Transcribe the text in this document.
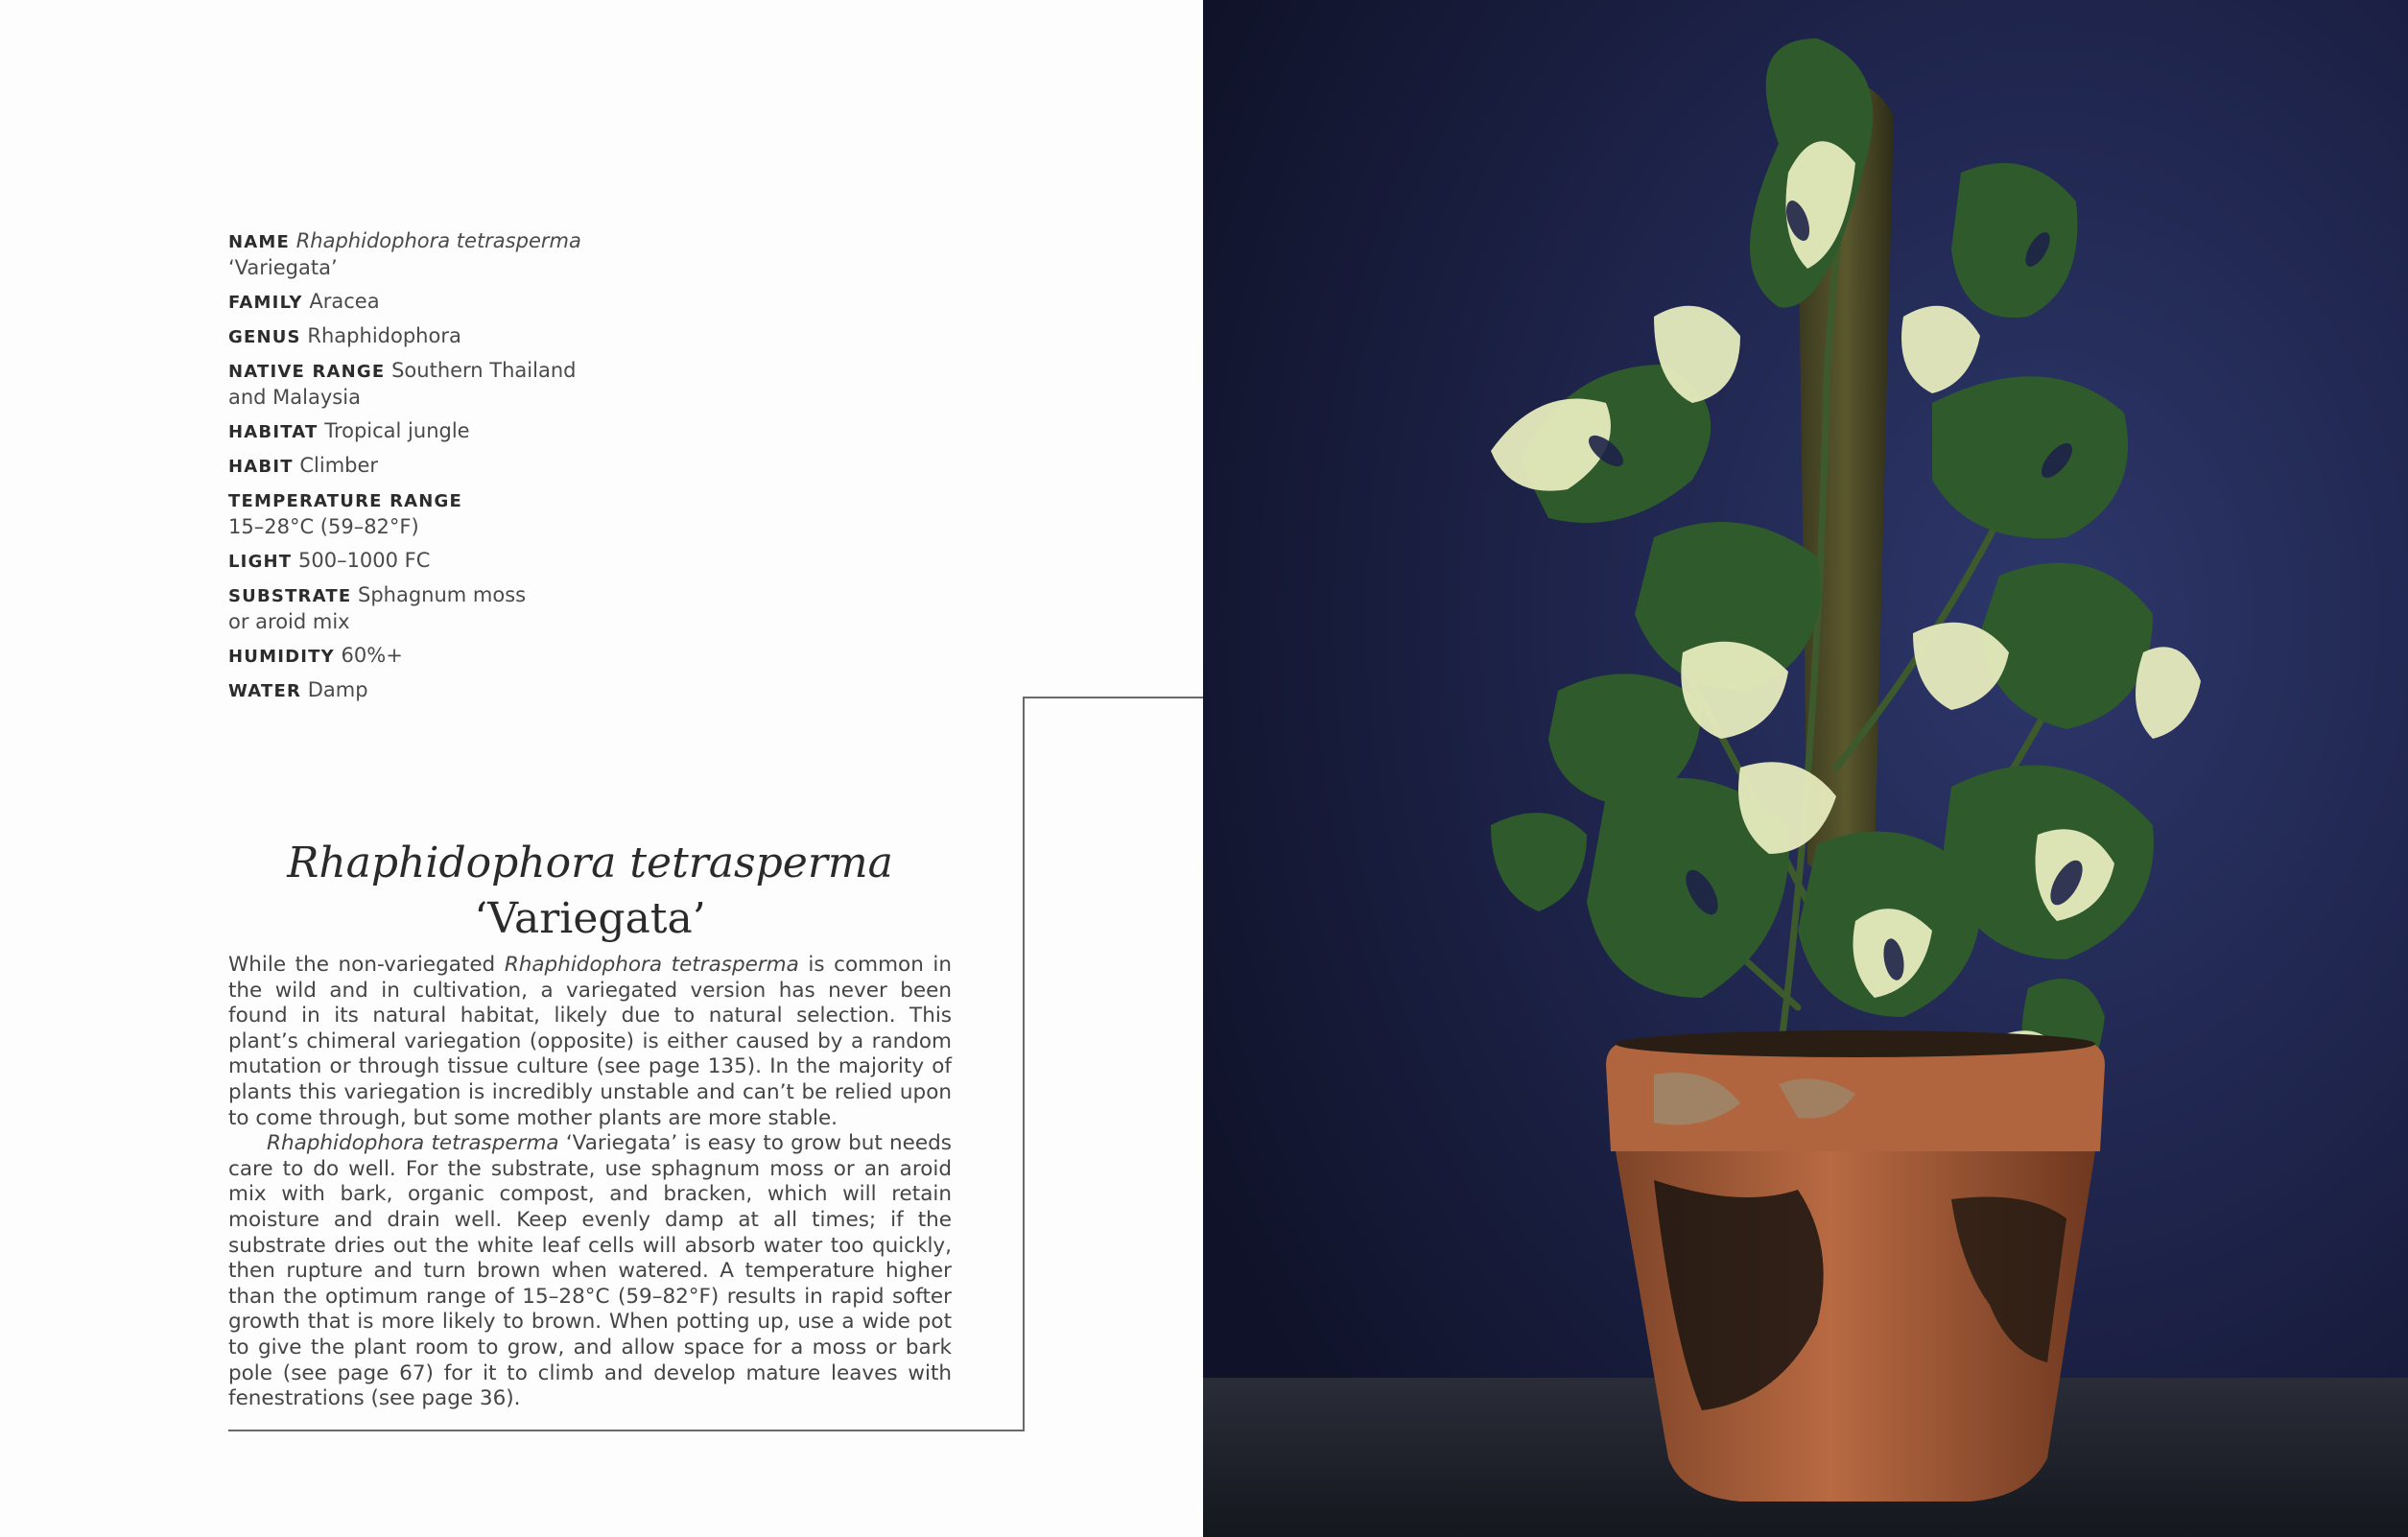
NAME Rhaphidophora tetrasperma
‘Variegata’
FAMILY Aracea
GENUS Rhaphidophora
NATIVE RANGE Southern Thailand
and Malaysia
HABITAT Tropical jungle
HABIT Climber
TEMPERATURE RANGE
15–28°C (59–82°F)
LIGHT 500–1000 FC
SUBSTRATE Sphagnum moss
or aroid mix
HUMIDITY 60%+
WATER Damp
Rhaphidophora tetrasperma
‘Variegata’

While the non-variegated Rhaphidophora tetrasperma is common in the wild and in cultivation, a variegated version has never been found in its natural habitat, likely due to natural selection. This plant’s chimeral variegation (opposite) is either caused by a random mutation or through tissue culture (see page 135). In the majority of plants this variegation is incredibly unstable and can’t be relied upon to come through, but some mother plants are more stable.

Rhaphidophora tetrasperma ‘Variegata’ is easy to grow but needs care to do well. For the substrate, use sphagnum moss or an aroid mix with bark, organic compost, and bracken, which will retain moisture and drain well. Keep evenly damp at all times; if the substrate dries out the white leaf cells will absorb water too quickly, then rupture and turn brown when watered. A temperature higher than the optimum range of 15–28°C (59–82°F) results in rapid softer growth that is more likely to brown. When potting up, use a wide pot to give the plant room to grow, and allow space for a moss or bark pole (see page 67) for it to climb and develop mature leaves with fenestrations (see page 36).
